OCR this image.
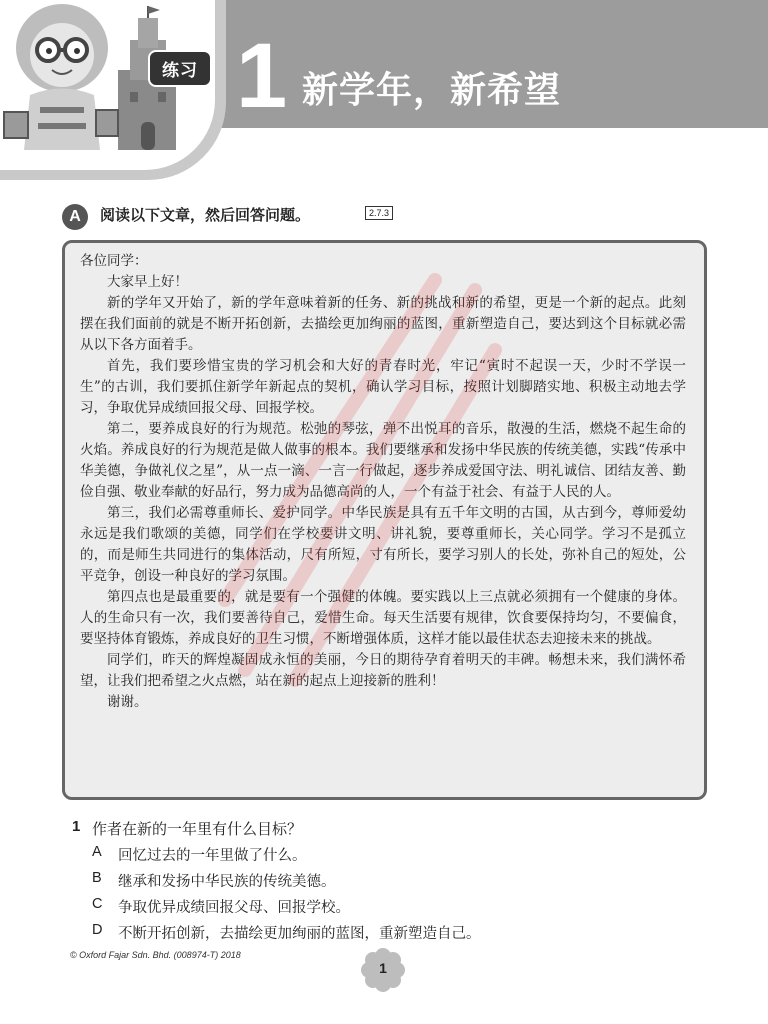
练习 1 新学年，新希望
A	阅读以下文章，然后回答问题。	2.7.3

各位同学：

大家早上好！

新的学年又开始了，新的学年意味着新的任务、新的挑战和新的希望，更是一个新的起点。此刻摆在我们面前的就是不断开拓创新，去描绘更加绚丽的蓝图，重新塑造自己，要达到这个目标就必需从以下各方面着手。

首先，我们要珍惜宝贵的学习机会和大好的青春时光，牢记“寅时不起误一天，少时不学误一生”的古训，我们要抓住新学年新起点的契机，确认学习目标，按照计划脚踏实地、积极主动地去学习，争取优异成绩回报父母、回报学校。

第二，要养成良好的行为规范。松弛的琴弦，弹不出悦耳的音乐，散漫的生活，燃烧不起生命的火焰。养成良好的行为规范是做人做事的根本。我们要继承和发扬中华民族的传统美德，实践“传承中华美德，争做礼仪之星”，从一点一滴、一言一行做起，逐步养成爱国守法、明礼诚信、团结友善、勤俭自强、敬业奉献的好品行，努力成为品德高尚的人，一个有益于社会、有益于人民的人。

第三，我们必需尊重师长、爱护同学。中华民族是具有五千年文明的古国，从古到今，尊师爱幼永远是我们歌颂的美德，同学们在学校要讲文明、讲礼貌，要尊重师长，关心同学。学习不是孤立的，而是师生共同进行的集体活动，尺有所短，寸有所长，要学习别人的长处，弥补自己的短处，公平竞争，创设一种良好的学习氛围。

第四点也是最重要的，就是要有一个强健的体魄。要实践以上三点就必须拥有一个健康的身体。人的生命只有一次，我们要善待自己，爱惜生命。每天生活要有规律，饮食要保持均匀，不要偏食，要坚持体育锻炼，养成良好的卫生习惯，不断增强体质，这样才能以最佳状态去迎接未来的挑战。

同学们，昨天的辉煌凝固成永恒的美丽，今日的期待孕育着明天的丰碑。畅想未来，我们满怀希望，让我们把希望之火点燃，站在新的起点上迎接新的胜利！

谢谢。

1 作者在新的一年里有什么目标？
A	回忆过去的一年里做了什么。
B	继承和发扬中华民族的传统美德。
C	争取优异成绩回报父母、回报学校。
D	不断开拓创新，去描绘更加绚丽的蓝图，重新塑造自己。
© Oxford Fajar Sdn. Bhd. (008974-T) 2018
1
